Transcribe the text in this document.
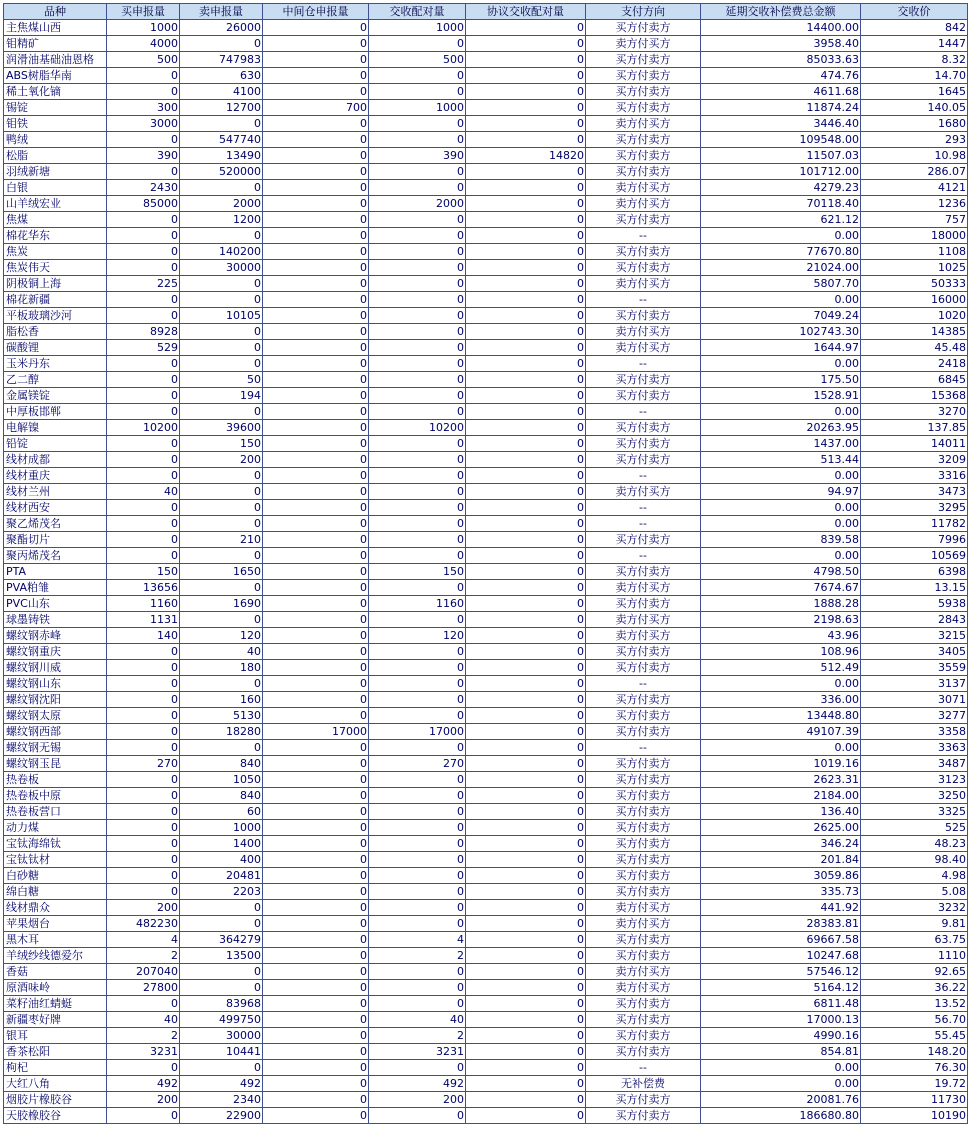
品种	买申报量	卖申报量	中间仓申报量	交收配对量	协议交收配对量	支付方向	延期交收补偿费总金额	交收价
主焦煤山西	1000	26000	0	1000	0	买方付卖方	14400.00	842
钼精矿	4000	0	0	0	0	卖方付买方	3958.40	1447
润滑油基础油恩格	500	747983	0	500	0	买方付卖方	85033.63	8.32
ABS树脂华南	0	630	0	0	0	买方付卖方	474.76	14.70
稀土氧化镝	0	4100	0	0	0	买方付卖方	4611.68	1645
锡锭	300	12700	700	1000	0	买方付卖方	11874.24	140.05
钼铁	3000	0	0	0	0	卖方付买方	3446.40	1680
鸭绒	0	547740	0	0	0	买方付卖方	109548.00	293
松脂	390	13490	0	390	14820	买方付卖方	11507.03	10.98
羽绒新塘	0	520000	0	0	0	买方付卖方	101712.00	286.07
白银	2430	0	0	0	0	卖方付买方	4279.23	4121
山羊绒宏业	85000	2000	0	2000	0	卖方付买方	70118.40	1236
焦煤	0	1200	0	0	0	买方付卖方	621.12	757
棉花华东	0	0	0	0	0	--	0.00	18000
焦炭	0	140200	0	0	0	买方付卖方	77670.80	1108
焦炭伟天	0	30000	0	0	0	买方付卖方	21024.00	1025
阴极铜上海	225	0	0	0	0	卖方付买方	5807.70	50333
棉花新疆	0	0	0	0	0	--	0.00	16000
平板玻璃沙河	0	10105	0	0	0	买方付卖方	7049.24	1020
脂松香	8928	0	0	0	0	卖方付买方	102743.30	14385
碳酸锂	529	0	0	0	0	卖方付买方	1644.97	45.48
玉米丹东	0	0	0	0	0	--	0.00	2418
乙二醇	0	50	0	0	0	买方付卖方	175.50	6845
金属镁锭	0	194	0	0	0	买方付卖方	1528.91	15368
中厚板邯郸	0	0	0	0	0	--	0.00	3270
电解镍	10200	39600	0	10200	0	买方付卖方	20263.95	137.85
铅锭	0	150	0	0	0	买方付卖方	1437.00	14011
线材成都	0	200	0	0	0	买方付卖方	513.44	3209
线材重庆	0	0	0	0	0	--	0.00	3316
线材兰州	40	0	0	0	0	卖方付买方	94.97	3473
线材西安	0	0	0	0	0	--	0.00	3295
聚乙烯茂名	0	0	0	0	0	--	0.00	11782
聚酯切片	0	210	0	0	0	买方付卖方	839.58	7996
聚丙烯茂名	0	0	0	0	0	--	0.00	10569
PTA	150	1650	0	150	0	买方付卖方	4798.50	6398
PVA粕雏	13656	0	0	0	0	卖方付买方	7674.67	13.15
PVC山东	1160	1690	0	1160	0	买方付卖方	1888.28	5938
球墨铸铁	1131	0	0	0	0	卖方付买方	2198.63	2843
螺纹钢赤峰	140	120	0	120	0	卖方付买方	43.96	3215
螺纹钢重庆	0	40	0	0	0	买方付卖方	108.96	3405
螺纹钢川威	0	180	0	0	0	买方付卖方	512.49	3559
螺纹钢山东	0	0	0	0	0	--	0.00	3137
螺纹钢沈阳	0	160	0	0	0	买方付卖方	336.00	3071
螺纹钢太原	0	5130	0	0	0	买方付卖方	13448.80	3277
螺纹钢西部	0	18280	17000	17000	0	买方付卖方	49107.39	3358
螺纹钢无锡	0	0	0	0	0	--	0.00	3363
螺纹钢玉昆	270	840	0	270	0	买方付卖方	1019.16	3487
热卷板	0	1050	0	0	0	买方付卖方	2623.31	3123
热卷板中原	0	840	0	0	0	买方付卖方	2184.00	3250
热卷板营口	0	60	0	0	0	买方付卖方	136.40	3325
动力煤	0	1000	0	0	0	买方付卖方	2625.00	525
宝钛海绵钛	0	1400	0	0	0	买方付卖方	346.24	48.23
宝钛钛材	0	400	0	0	0	买方付卖方	201.84	98.40
白砂糖	0	20481	0	0	0	买方付卖方	3059.86	4.98
绵白糖	0	2203	0	0	0	买方付卖方	335.73	5.08
线材鼎众	200	0	0	0	0	卖方付买方	441.92	3232
苹果烟台	482230	0	0	0	0	卖方付买方	28383.81	9.81
黑木耳	4	364279	0	4	0	买方付卖方	69667.58	63.75
羊绒纱线德爱尔	2	13500	0	2	0	买方付卖方	10247.68	1110
香菇	207040	0	0	0	0	卖方付买方	57546.12	92.65
原酒味岭	27800	0	0	0	0	卖方付买方	5164.12	36.22
菜籽油红蜻蜓	0	83968	0	0	0	买方付卖方	6811.48	13.52
新疆枣好牌	40	499750	0	40	0	买方付卖方	17000.13	56.70
银耳	2	30000	0	2	0	买方付卖方	4990.16	55.45
香茶松阳	3231	10441	0	3231	0	买方付卖方	854.81	148.20
枸杞	0	0	0	0	0	--	0.00	76.30
大红八角	492	492	0	492	0	无补偿费	0.00	19.72
烟胶片橡胶谷	200	2340	0	200	0	买方付卖方	20081.76	11730
天胶橡胶谷	0	22900	0	0	0	买方付卖方	186680.80	10190
